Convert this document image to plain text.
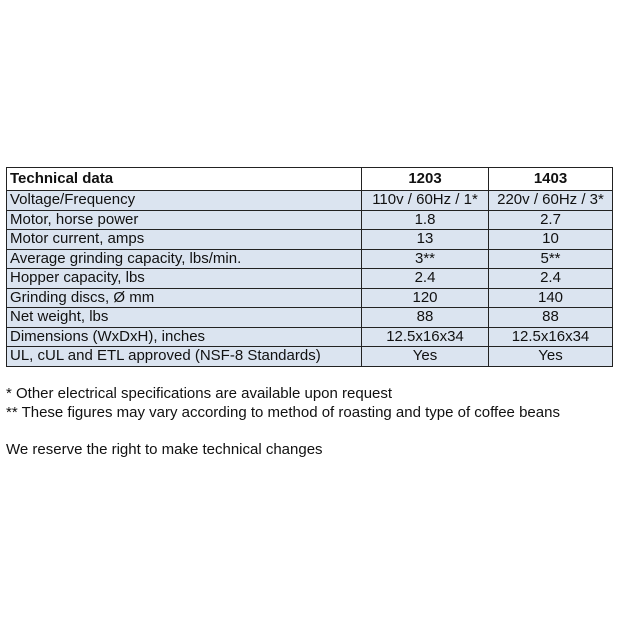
Technical data	1203	1403
Voltage/Frequency	110v / 60Hz / 1*	220v / 60Hz / 3*
Motor, horse power	1.8	2.7
Motor current, amps	13	10
Average grinding capacity, lbs/min.	3**	5**
Hopper capacity, lbs	2.4	2.4
Grinding discs, Ø mm	120	140
Net weight, lbs	88	88
Dimensions (WxDxH), inches	12.5x16x34	12.5x16x34
UL, cUL and ETL approved (NSF-8 Standards)	Yes	Yes

* Other electrical specifications are available upon request

** These figures may vary according to method of roasting and type of coffee beans

We reserve the right to make technical changes
